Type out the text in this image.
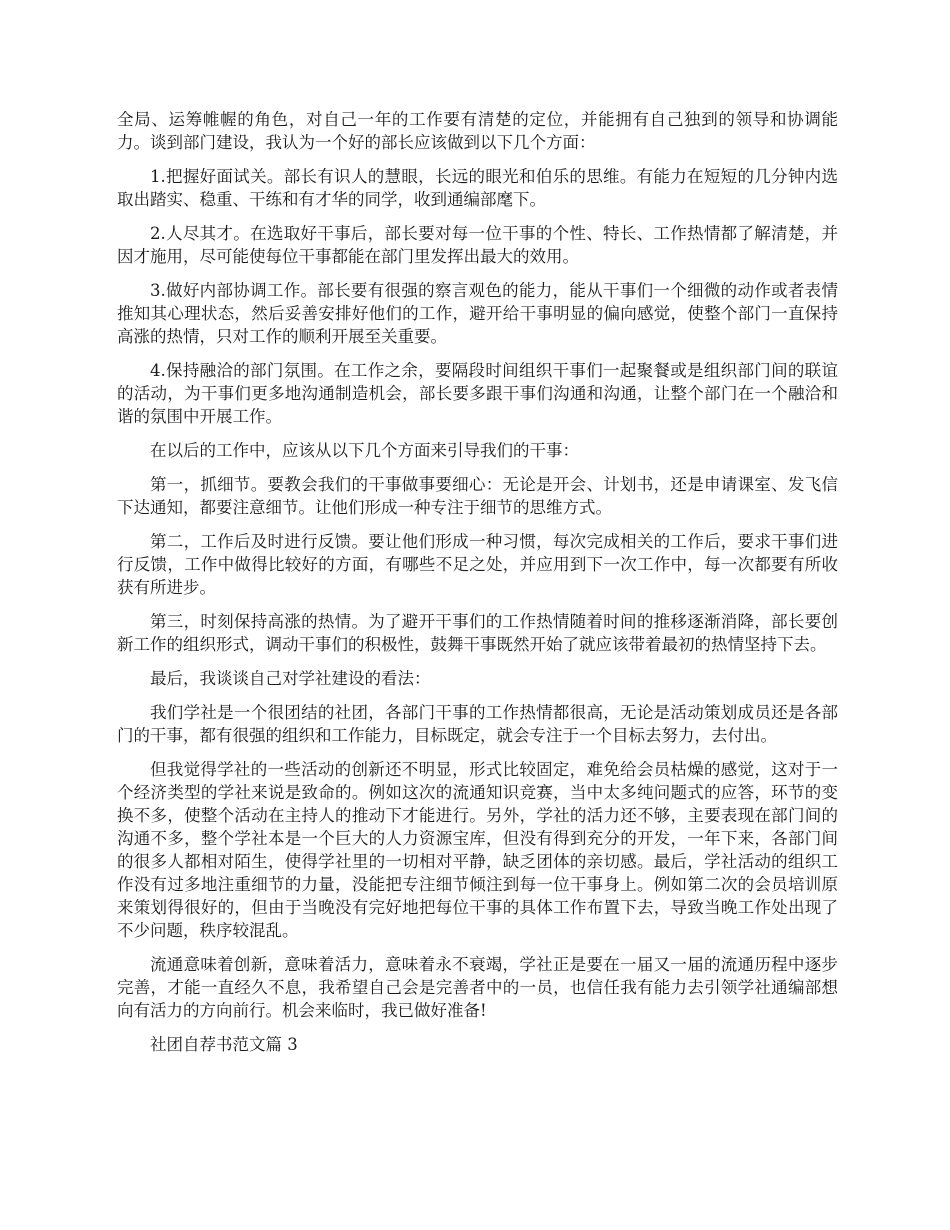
全局、运筹帷幄的角色，对自己一年的工作要有清楚的定位，并能拥有自己独到的领导和协调能力。谈到部门建设，我认为一个好的部长应该做到以下几个方面：

1.把握好面试关。部长有识人的慧眼，长远的眼光和伯乐的思维。有能力在短短的几分钟内选取出踏实、稳重、干练和有才华的同学，收到通编部麾下。

2.人尽其才。在选取好干事后，部长要对每一位干事的个性、特长、工作热情都了解清楚，并因才施用，尽可能使每位干事都能在部门里发挥出最大的效用。

3.做好内部协调工作。部长要有很强的察言观色的能力，能从干事们一个细微的动作或者表情推知其心理状态，然后妥善安排好他们的工作，避开给干事明显的偏向感觉，使整个部门一直保持高涨的热情，只对工作的顺利开展至关重要。

4.保持融洽的部门氛围。在工作之余，要隔段时间组织干事们一起聚餐或是组织部门间的联谊的活动，为干事们更多地沟通制造机会，部长要多跟干事们沟通和沟通，让整个部门在一个融洽和谐的氛围中开展工作。

在以后的工作中，应该从以下几个方面来引导我们的干事：

第一，抓细节。要教会我们的干事做事要细心：无论是开会、计划书，还是申请课室、发飞信下达通知，都要注意细节。让他们形成一种专注于细节的思维方式。

第二，工作后及时进行反馈。要让他们形成一种习惯，每次完成相关的工作后，要求干事们进行反馈，工作中做得比较好的方面，有哪些不足之处，并应用到下一次工作中，每一次都要有所收获有所进步。

第三，时刻保持高涨的热情。为了避开干事们的工作热情随着时间的推移逐渐消降，部长要创新工作的组织形式，调动干事们的积极性，鼓舞干事既然开始了就应该带着最初的热情坚持下去。

最后，我谈谈自己对学社建设的看法：

我们学社是一个很团结的社团，各部门干事的工作热情都很高，无论是活动策划成员还是各部门的干事，都有很强的组织和工作能力，目标既定，就会专注于一个目标去努力，去付出。

但我觉得学社的一些活动的创新还不明显，形式比较固定，难免给会员枯燥的感觉，这对于一个经济类型的学社来说是致命的。例如这次的流通知识竞赛，当中太多纯问题式的应答，环节的变换不多，使整个活动在主持人的推动下才能进行。另外，学社的活力还不够，主要表现在部门间的沟通不多，整个学社本是一个巨大的人力资源宝库，但没有得到充分的开发，一年下来，各部门间的很多人都相对陌生，使得学社里的一切相对平静，缺乏团体的亲切感。最后，学社活动的组织工作没有过多地注重细节的力量，没能把专注细节倾注到每一位干事身上。例如第二次的会员培训原来策划得很好的，但由于当晚没有完好地把每位干事的具体工作布置下去，导致当晚工作处出现了不少问题，秩序较混乱。

流通意味着创新，意味着活力，意味着永不衰竭，学社正是要在一届又一届的流通历程中逐步完善，才能一直经久不息，我希望自己会是完善者中的一员，也信任我有能力去引领学社通编部想向有活力的方向前行。机会来临时，我已做好准备!

社团自荐书范文篇 3
